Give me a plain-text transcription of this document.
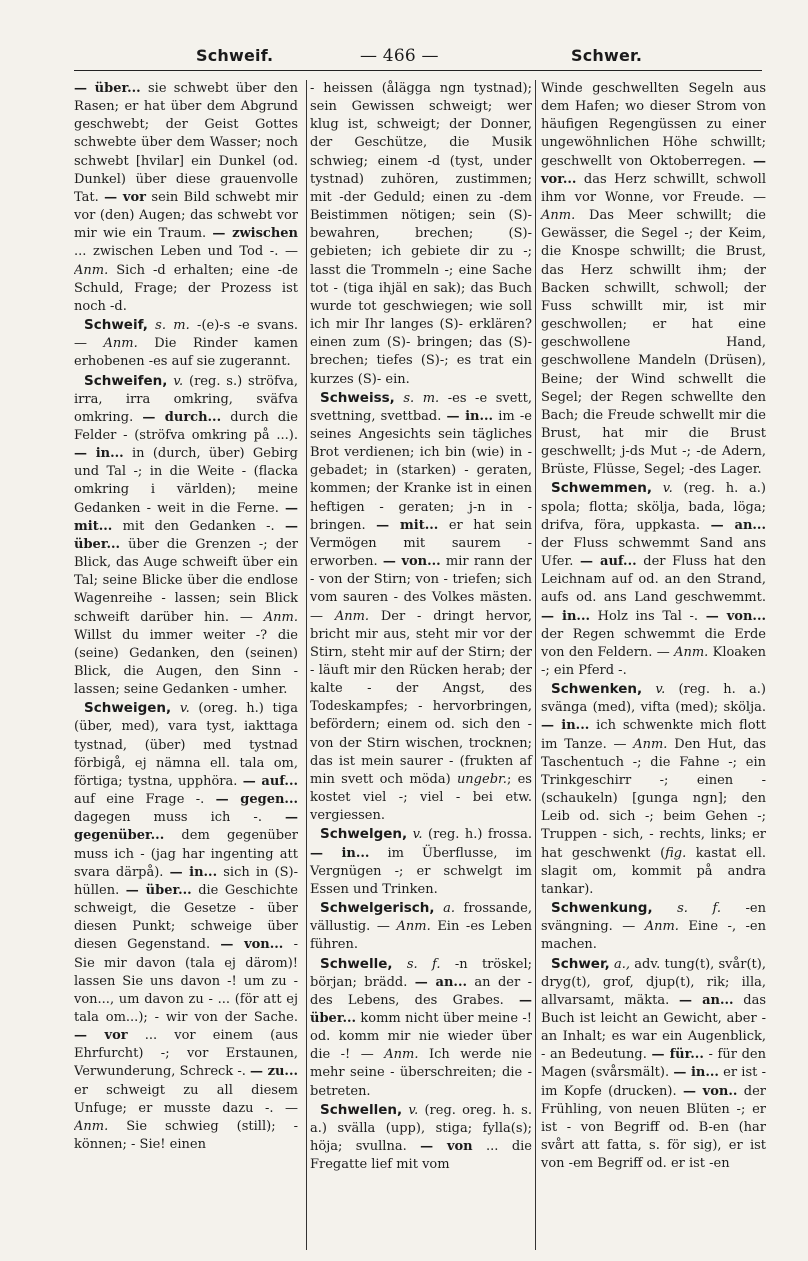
Schweif.	— 466 —	Schwer.

— über... sie schwebt über den Rasen; er hat über dem Abgrund geschwebt; der Geist Gottes schwebte über dem Wasser; noch schwebt [hvilar] ein Dunkel (od. Dunkel) über diese grauenvolle Tat. — vor sein Bild schwebt mir vor (den) Augen; das schwebt vor mir wie ein Traum. — zwischen ... zwischen Leben und Tod -. — Anm. Sich -d erhalten; eine -de Schuld, Frage; der Prozess ist noch -d.

Schweif, s. m. -(e)-s -e svans. — Anm. Die Rinder kamen erhobenen -es auf sie zugerannt.

Schweifen, v. (reg. s.) ströfva, irra, irra omkring, sväfva omkring. — durch... durch die Felder - (ströfva omkring på ...). — in... in (durch, über) Gebirg und Tal -; in die Weite - (flacka omkring i världen); meine Gedanken - weit in die Ferne. — mit... mit den Gedanken -. — über... über die Grenzen -; der Blick, das Auge schweift über ein Tal; seine Blicke über die endlose Wagenreihe - lassen; sein Blick schweift darüber hin. — Anm. Willst du immer weiter -? die (seine) Gedanken, den (seinen) Blick, die Augen, den Sinn - lassen; seine Gedanken - umher.

Schweigen, v. (oreg. h.) tiga (über, med), vara tyst, iakttaga tystnad, (über) med tystnad förbigå, ej nämna ell. tala om, förtiga; tystna, upphöra. — auf... auf eine Frage -. — gegen... dagegen muss ich -. — gegenüber... dem gegenüber muss ich - (jag har ingenting att svara därpå). — in... sich in (S)- hüllen. — über... die Geschichte schweigt, die Gesetze - über diesen Punkt; schweige über diesen Gegenstand. — von... - Sie mir davon (tala ej därom)! lassen Sie uns davon -! um zu - von..., um davon zu - ... (för att ej tala om...); - wir von der Sache. — vor ... vor einem (aus Ehrfurcht) -; vor Erstaunen, Verwunderung, Schreck -. — zu... er schweigt zu all diesem Unfuge; er musste dazu -. — Anm. Sie schwieg (still); - können; - Sie! einen

- heissen (ålägga ngn tystnad); sein Gewissen schweigt; wer klug ist, schweigt; der Donner, der Geschütze, die Musik schwieg; einem -d (tyst, under tystnad) zuhören, zustimmen; mit -der Geduld; einen zu -dem Beistimmen nötigen; sein (S)- bewahren, brechen; (S)- gebieten; ich gebiete dir zu -; lasst die Trommeln -; eine Sache tot - (tiga ihjäl en sak); das Buch wurde tot geschwiegen; wie soll ich mir Ihr langes (S)- erklären? einen zum (S)- bringen; das (S)- brechen; tiefes (S)-; es trat ein kurzes (S)- ein.

Schweiss, s. m. -es -e svett, svettning, svettbad. — in... im -e seines Angesichts sein tägliches Brot verdienen; ich bin (wie) in - gebadet; in (starken) - geraten, kommen; der Kranke ist in einen heftigen - geraten; j-n in - bringen. — mit... er hat sein Vermögen mit saurem - erworben. — von... mir rann der - von der Stirn; von - triefen; sich vom sauren - des Volkes mästen. — Anm. Der - dringt hervor, bricht mir aus, steht mir vor der Stirn, steht mir auf der Stirn; der - läuft mir den Rücken herab; der kalte - der Angst, des Todeskampfes; - hervorbringen, befördern; einem od. sich den - von der Stirn wischen, trocknen; das ist mein saurer - (frukten af min svett och möda) ungebr.; es kostet viel -; viel - bei etw. vergiessen.

Schwelgen, v. (reg. h.) frossa. — in... im Überflusse, im Vergnügen -; er schwelgt im Essen und Trinken.

Schwelgerisch, a. frossande, vällustig. — Anm. Ein -es Leben führen.

Schwelle, s. f. -n tröskel; början; brädd. — an... an der - des Lebens, des Grabes. — über... komm nicht über meine -! od. komm mir nie wieder über die -! — Anm. Ich werde nie mehr seine - überschreiten; die - betreten.

Schwellen, v. (reg. oreg. h. s. a.) svälla (upp), stiga; fylla(s); höja; svullna. — von ... die Fregatte lief mit vom

Winde geschwellten Segeln aus dem Hafen; wo dieser Strom von häufigen Regengüssen zu einer ungewöhnlichen Höhe schwillt; geschwellt von Oktoberregen. — vor... das Herz schwillt, schwoll ihm vor Wonne, vor Freude. — Anm. Das Meer schwillt; die Gewässer, die Segel -; der Keim, die Knospe schwillt; die Brust, das Herz schwillt ihm; der Backen schwillt, schwoll; der Fuss schwillt mir, ist mir geschwollen; er hat eine geschwollene Hand, geschwollene Mandeln (Drüsen), Beine; der Wind schwellt die Segel; der Regen schwellte den Bach; die Freude schwellt mir die Brust, hat mir die Brust geschwellt; j-ds Mut -; -de Adern, Brüste, Flüsse, Segel; -des Lager.

Schwemmen, v. (reg. h. a.) spola; flotta; skölja, bada, löga; drifva, föra, uppkasta. — an... der Fluss schwemmt Sand ans Ufer. — auf... der Fluss hat den Leichnam auf od. an den Strand, aufs od. ans Land geschwemmt. — in... Holz ins Tal -. — von... der Regen schwemmt die Erde von den Feldern. — Anm. Kloaken -; ein Pferd -.

Schwenken, v. (reg. h. a.) svänga (med), vifta (med); skölja. — in... ich schwenkte mich flott im Tanze. — Anm. Den Hut, das Taschentuch -; die Fahne -; ein Trinkgeschirr -; einen - (schaukeln) [gunga ngn]; den Leib od. sich -; beim Gehen -; Truppen - sich, - rechts, links; er hat geschwenkt (fig. kastat ell. slagit om, kommit på andra tankar).

Schwenkung, s. f. -en svängning. — Anm. Eine -, -en machen.

Schwer, a., adv. tung(t), svår(t), dryg(t), grof, djup(t), rik; illa, allvarsamt, mäkta. — an... das Buch ist leicht an Gewicht, aber - an Inhalt; es war ein Augenblick, - an Bedeutung. — für... - für den Magen (svårsmält). — in... er ist - im Kopfe (drucken). — von.. der Frühling, von neuen Blüten -; er ist - von Begriff od. B-en (har svårt att fatta, s. för sig), er ist von -em Begriff od. er ist -en
